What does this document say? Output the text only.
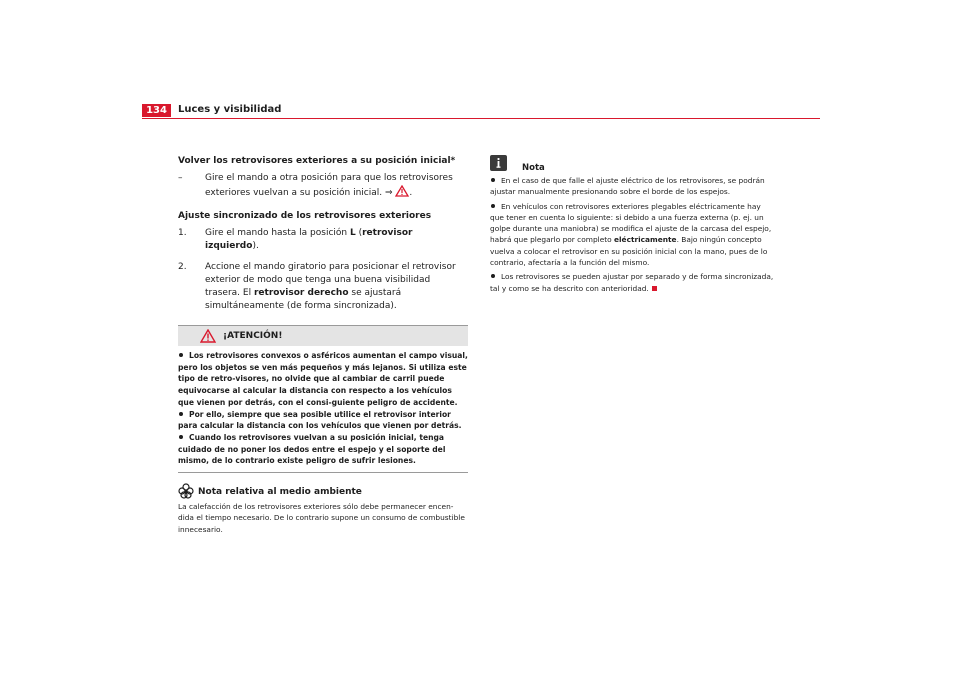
134	Luces y visibilidad
Volver los retrovisores exteriores a su posición inicial*
–	Gire el mando a otra posición para que los retrovisores exteriores vuelvan a su posición inicial. ⇒ .
Ajuste sincronizado de los retrovisores exteriores
1. Gire el mando hasta la posición L (retrovisor izquierdo).
2. Accione el mando giratorio para posicionar el retrovisor exterior de modo que tenga una buena visibilidad trasera. El retrovisor derecho se ajustará simultáneamente (de forma sincronizada).
¡ATENCIÓN!

Los retrovisores convexos o asféricos aumentan el campo visual, pero los objetos se ven más pequeños y más lejanos. Si utiliza este tipo de retro-visores, no olvide que al cambiar de carril puede equivocarse al calcular la distancia con respecto a los vehículos que vienen por detrás, con el consi-guiente peligro de accidente.

Por ello, siempre que sea posible utilice el retrovisor interior para calcular la distancia con los vehículos que vienen por detrás.

Cuando los retrovisores vuelvan a su posición inicial, tenga cuidado de no poner los dedos entre el espejo y el soporte del mismo, de lo contrario existe peligro de sufrir lesiones.

Nota relativa al medio ambiente

La calefacción de los retrovisores exteriores sólo debe permanecer encen-dida el tiempo necesario. De lo contrario supone un consumo de combustible innecesario.

Nota

En el caso de que falle el ajuste eléctrico de los retrovisores, se podrán ajustar manualmente presionando sobre el borde de los espejos.

En vehículos con retrovisores exteriores plegables eléctricamente hay que tener en cuenta lo siguiente: si debido a una fuerza externa (p. ej. un golpe durante una maniobra) se modifica el ajuste de la carcasa del espejo, habrá que plegarlo por completo eléctricamente. Bajo ningún concepto vuelva a colocar el retrovisor en su posición inicial con la mano, pues de lo contrario, afectaría a la función del mismo.

Los retrovisores se pueden ajustar por separado y de forma sincronizada, tal y como se ha descrito con anterioridad.
